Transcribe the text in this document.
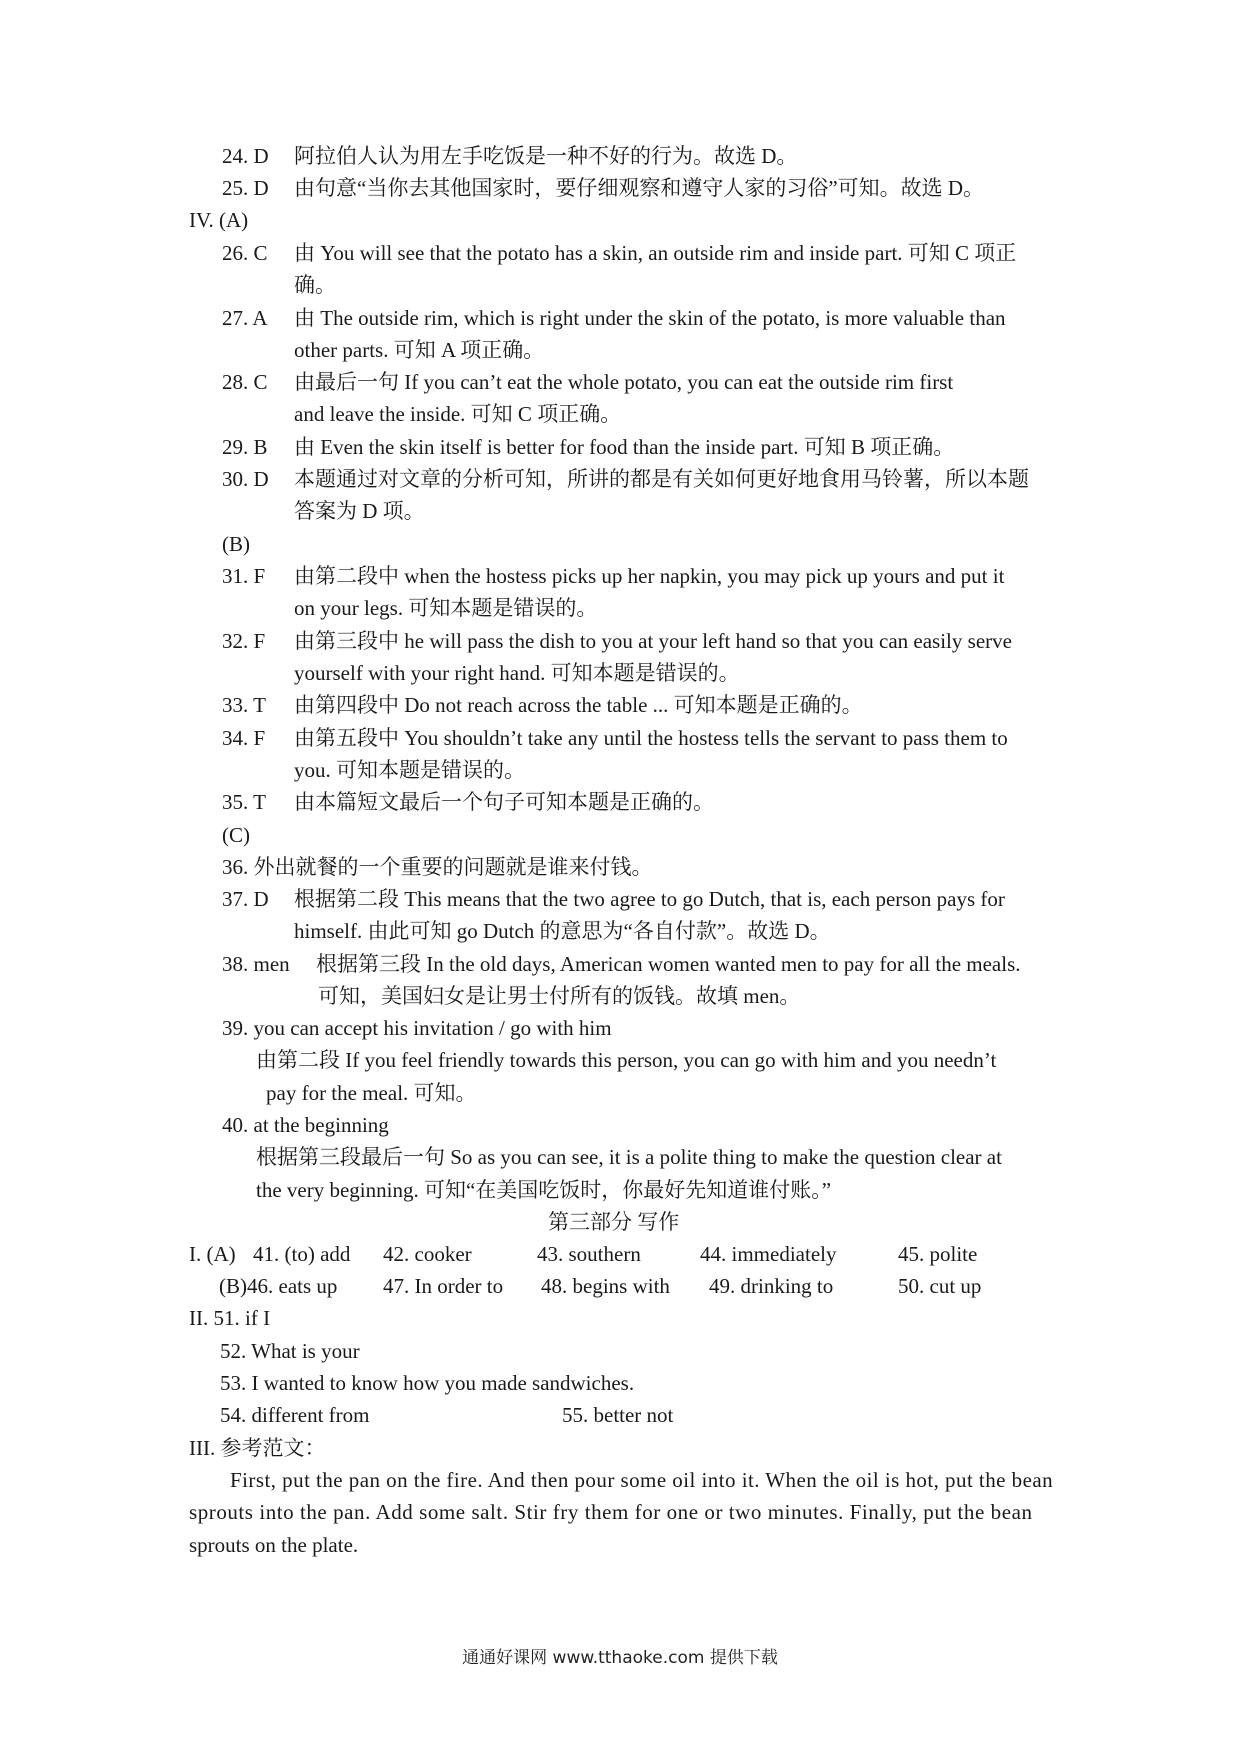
24. D 阿拉伯人认为用左手吃饭是一种不好的行为。故选 D。
25. D 由句意“当你去其他国家时，要仔细观察和遵守人家的习俗”可知。故选 D。
IV. (A)
26. C 由 You will see that the potato has a skin, an outside rim and inside part. 可知 C 项正
确。
27. A 由 The outside rim, which is right under the skin of the potato, is more valuable than
other parts. 可知 A 项正确。
28. C 由最后一句 If you can’t eat the whole potato, you can eat the outside rim first
and leave the inside. 可知 C 项正确。
29. B 由 Even the skin itself is better for food than the inside part. 可知 B 项正确。
30. D 本题通过对文章的分析可知，所讲的都是有关如何更好地食用马铃薯，所以本题
答案为 D 项。
(B)
31. F 由第二段中 when the hostess picks up her napkin, you may pick up yours and put it
on your legs. 可知本题是错误的。
32. F 由第三段中 he will pass the dish to you at your left hand so that you can easily serve
yourself with your right hand. 可知本题是错误的。
33. T 由第四段中 Do not reach across the table ... 可知本题是正确的。
34. F 由第五段中 You shouldn’t take any until the hostess tells the servant to pass them to
you. 可知本题是错误的。
35. T 由本篇短文最后一个句子可知本题是正确的。
(C)
36. 外出就餐的一个重要的问题就是谁来付钱。
37. D 根据第二段 This means that the two agree to go Dutch, that is, each person pays for
himself. 由此可知 go Dutch 的意思为“各自付款”。故选 D。
38. men 根据第三段 In the old days, American women wanted men to pay for all the meals.
可知，美国妇女是让男士付所有的饭钱。故填 men。
39. you can accept his invitation / go with him
由第二段 If you feel friendly towards this person, you can go with him and you needn’t
pay for the meal. 可知。
40. at the beginning
根据第三段最后一句 So as you can see, it is a polite thing to make the question clear at
the very beginning. 可知“在美国吃饭时，你最好先知道谁付账。”
第三部分 写作
I. (A) 41. (to) add 42. cooker	43. southern	44. immediately	45. polite
(B) 46. eats up 47. In order to 48. begins with 49. drinking to	50. cut up
II. 51. if I
52. What is your
53. I wanted to know how you made sandwiches.
54. different from	55. better not
III. 参考范文：
First, put the pan on the fire. And then pour some oil into it. When the oil is hot, put the bean
sprouts into the pan. Add some salt. Stir fry them for one or two minutes. Finally, put the bean
sprouts on the plate.
通通好课网 www.tthaoke.com 提供下载
